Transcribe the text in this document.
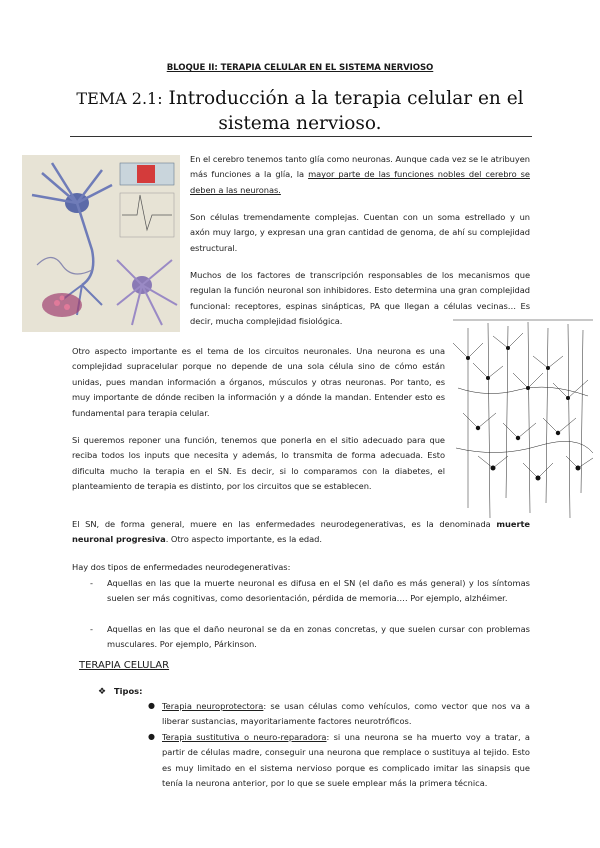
BLOQUE II: TERAPIA CELULAR EN EL SISTEMA NERVIOSO
TEMA 2.1: Introducción a la terapia celular en el
sistema nervioso.
En el cerebro tenemos tanto glía como neuronas. Aunque cada vez se le atribuyen más funciones a la glía, la mayor parte de las funciones nobles del cerebro se deben a las neuronas.
Son células tremendamente complejas. Cuentan con un soma estrellado y un axón muy largo, y expresan una gran cantidad de genoma, de ahí su complejidad estructural.
Muchos de los factores de transcripción responsables de los mecanismos que regulan la función neuronal son inhibidores. Esto determina una gran complejidad funcional: receptores, espinas sinápticas, PA que llegan a células vecinas… Es decir, mucha complejidad fisiológica.
Otro aspecto importante es el tema de los circuitos neuronales. Una neurona es una complejidad supracelular porque no depende de una sola célula sino de cómo están unidas, pues mandan información a órganos, músculos y otras neuronas. Por tanto, es muy importante de dónde reciben la información y a dónde la mandan. Entender esto es fundamental para terapia celular.
Si queremos reponer una función, tenemos que ponerla en el sitio adecuado para que reciba todos los inputs que necesita y además, lo transmita de forma adecuada. Esto dificulta mucho la terapia en el SN. Es decir, si lo comparamos con la diabetes, el planteamiento de terapia es distinto, por los circuitos que se establecen.
El SN, de forma general, muere en las enfermedades neurodegenerativas, es la denominada muerte neuronal progresiva. Otro aspecto importante, es la edad.
Hay dos tipos de enfermedades neurodegenerativas:
- Aquellas en las que la muerte neuronal es difusa en el SN (el daño es más general) y los síntomas suelen ser más cognitivas, como desorientación, pérdida de memoria…. Por ejemplo, alzhéimer.
- Aquellas en las que el daño neuronal se da en zonas concretas, y que suelen cursar con problemas musculares. Por ejemplo, Párkinson.
TERAPIA CELULAR
❖ Tipos:
● Terapia neuroprotectora: se usan células como vehículos, como vector que nos va a liberar sustancias, mayoritariamente factores neurotróficos.
● Terapia sustitutiva o neuro-reparadora: si una neurona se ha muerto voy a tratar, a partir de células madre, conseguir una neurona que remplace o sustituya al tejido. Esto es muy limitado en el sistema nervioso porque es complicado imitar las sinapsis que tenía la neurona anterior, por lo que se suele emplear más la primera técnica.
